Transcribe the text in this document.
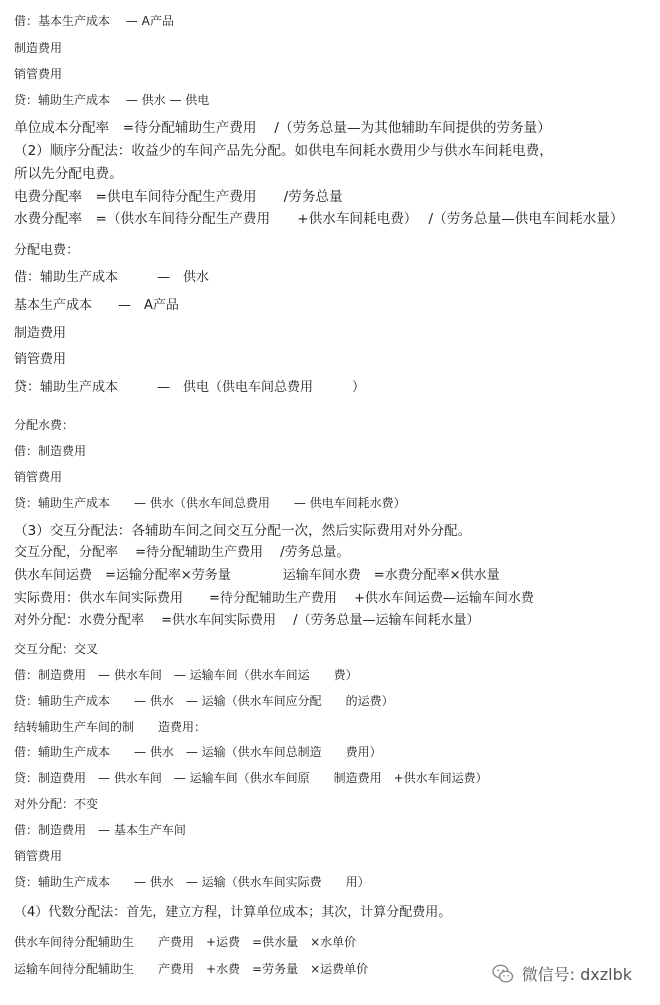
借：基本生产成本 　— A产品
制造费用
销管费用
贷：辅助生产成本 　— 供水 — 供电
单位成本分配率　=待分配辅助生产费用　 /（劳务总量—为其他辅助车间提供的劳务量）
（2）顺序分配法：收益少的车间产品先分配。如供电车间耗水费用少与供水车间耗电费，
所以先分配电费。
电费分配率　=供电车间待分配生产费用　　/劳务总量
水费分配率　=（供水车间待分配生产费用　　+供水车间耗电费）　 /（劳务总量—供电车间耗水量）
分配电费：
借：辅助生产成本　　　—　供水
基本生产成本　　—　A产品
制造费用
销管费用
贷：辅助生产成本　　　—　供电（供电车间总费用　　　）
分配水费：
借：制造费用
销管费用
贷：辅助生产成本　　— 供水（供水车间总费用　　— 供电车间耗水费）
（3）交互分配法：各辅助车间之间交互分配一次，然后实际费用对外分配。
交互分配，分配率　 =待分配辅助生产费用　 /劳务总量。
供水车间运费　=运输分配率×劳务量　　　　运输车间水费　=水费分配率×供水量
实际费用：供水车间实际费用　　=待分配辅助生产费用　 +供水车间运费—运输车间水费
对外分配：水费分配率　 =供水车间实际费用　 /（劳务总量—运输车间耗水量）
交互分配：交叉
借：制造费用　— 供水车间　— 运输车间（供水车间运　　费）
贷：辅助生产成本　　— 供水　— 运输（供水车间应分配　　的运费）
结转辅助生产车间的制　　造费用：
借：辅助生产成本　　— 供水　— 运输（供水车间总制造　　费用）
贷：制造费用　— 供水车间　— 运输车间（供水车间原　　制造费用　+供水车间运费）
对外分配：不变
借：制造费用　— 基本生产车间
销管费用
贷：辅助生产成本　　— 供水　— 运输（供水车间实际费　　用）
（4）代数分配法：首先，建立方程，计算单位成本；其次，计算分配费用。
供水车间待分配辅助生　　产费用　+运费　=供水量　×水单价
运输车间待分配辅助生　　产费用　+水费　=劳务量　×运费单价	微信号: dxzlbk
